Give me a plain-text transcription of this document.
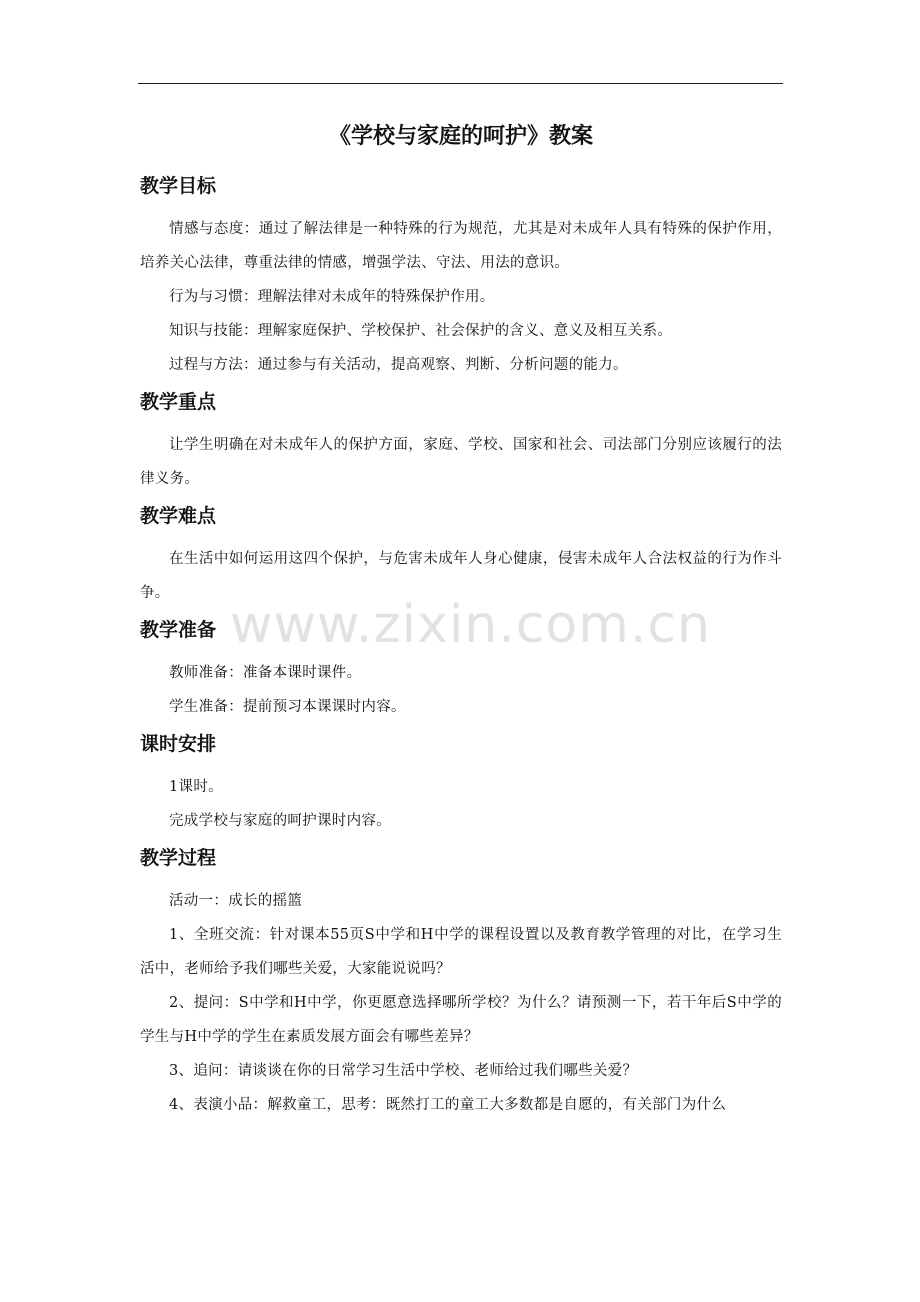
www.zixin.com.cn
《学校与家庭的呵护》教案
教学目标

情感与态度：通过了解法律是一种特殊的行为规范，尤其是对未成年人具有特殊的保护作用，培养关心法律，尊重法律的情感，增强学法、守法、用法的意识。

行为与习惯：理解法律对未成年的特殊保护作用。

知识与技能：理解家庭保护、学校保护、社会保护的含义、意义及相互关系。

过程与方法：通过参与有关活动，提高观察、判断、分析问题的能力。

教学重点

让学生明确在对未成年人的保护方面，家庭、学校、国家和社会、司法部门分别应该履行的法律义务。

教学难点

在生活中如何运用这四个保护，与危害未成年人身心健康，侵害未成年人合法权益的行为作斗争。

教学准备

教师准备：准备本课时课件。

学生准备：提前预习本课课时内容。

课时安排

1课时。

完成学校与家庭的呵护课时内容。

教学过程

活动一：成长的摇篮

1、全班交流：针对课本55页S中学和H中学的课程设置以及教育教学管理的对比，在学习生活中，老师给予我们哪些关爱，大家能说说吗？

2、提问：S中学和H中学，你更愿意选择哪所学校？为什么？请预测一下，若干年后S中学的学生与H中学的学生在素质发展方面会有哪些差异？

3、追问：请谈谈在你的日常学习生活中学校、老师给过我们哪些关爱？

4、表演小品：解救童工，思考：既然打工的童工大多数都是自愿的，有关部门为什么
